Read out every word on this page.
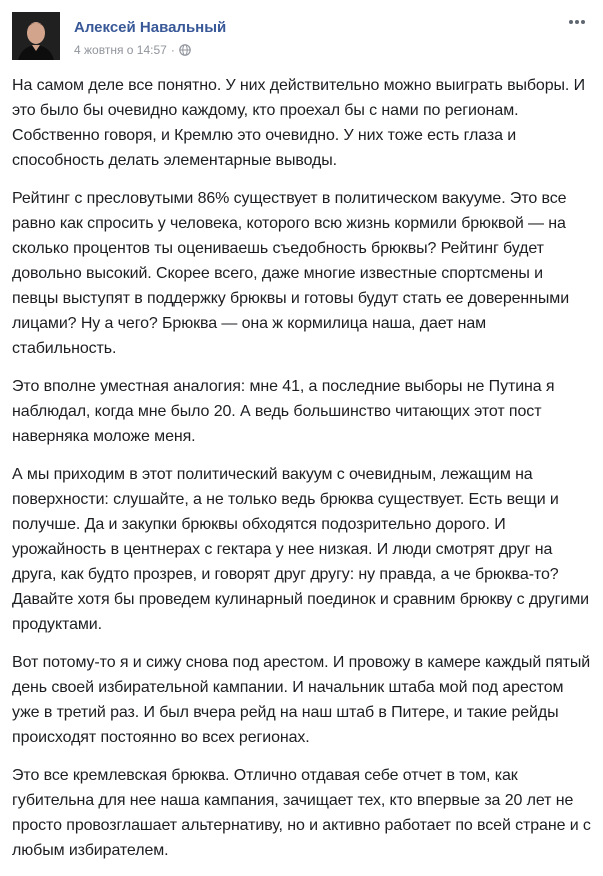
Алексей Навальный
4 жовтня о 14:57 ·

На самом деле все понятно. У них действительно можно выиграть выборы. И это было бы очевидно каждому, кто проехал бы с нами по регионам. Собственно говоря, и Кремлю это очевидно. У них тоже есть глаза и способность делать элементарные выводы.

Рейтинг с пресловутыми 86% существует в политическом вакууме. Это все равно как спросить у человека, которого всю жизнь кормили брюквой — на сколько процентов ты оцениваешь съедобность брюквы? Рейтинг будет довольно высокий. Скорее всего, даже многие известные спортсмены и певцы выступят в поддержку брюквы и готовы будут стать ее доверенными лицами? Ну а чего? Брюква — она ж кормилица наша, дает нам стабильность.

Это вполне уместная аналогия: мне 41, а последние выборы не Путина я наблюдал, когда мне было 20. А ведь большинство читающих этот пост наверняка моложе меня.

А мы приходим в этот политический вакуум с очевидным, лежащим на поверхности: слушайте, а не только ведь брюква существует. Есть вещи и получше. Да и закупки брюквы обходятся подозрительно дорого. И урожайность в центнерах с гектара у нее низкая. И люди смотрят друг на друга, как будто прозрев, и говорят друг другу: ну правда, а че брюква-то? Давайте хотя бы проведем кулинарный поединок и сравним брюкву с другими продуктами.

Вот потому-то я и сижу снова под арестом. И провожу в камере каждый пятый день своей избирательной кампании. И начальник штаба мой под арестом уже в третий раз. И был вчера рейд на наш штаб в Питере, и такие рейды происходят постоянно во всех регионах.

Это все кремлевская брюква. Отлично отдавая себе отчет в том, как губительна для нее наша кампания, зачищает тех, кто впервые за 20 лет не просто провозглашает альтернативу, но и активно работает по всей стране и с любым избирателем.
